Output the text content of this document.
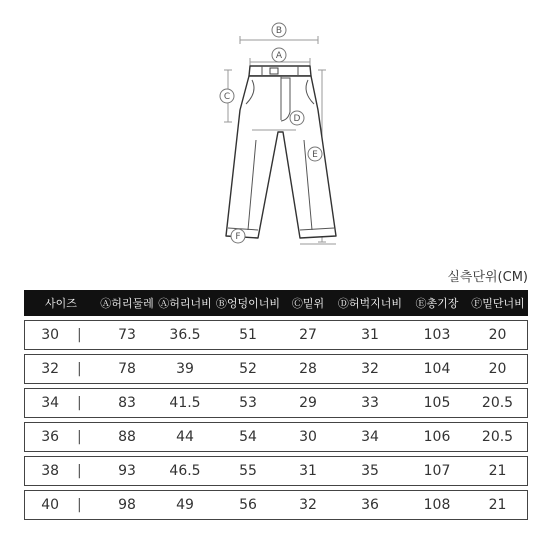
B
A
C
D
E
F
실측단위(CM)
사이즈	Ⓐ허리둘레	Ⓐ허리너비	Ⓑ엉덩이너비	Ⓒ밑위	Ⓓ허벅지너비	Ⓔ총기장	Ⓕ밑단너비
30 |	73	36.5	51	27	31	103	20
32 |	78	39	52	28	32	104	20
34 |	83	41.5	53	29	33	105	20.5
36 |	88	44	54	30	34	106	20.5
38 |	93	46.5	55	31	35	107	21
40 |	98	49	56	32	36	108	21
